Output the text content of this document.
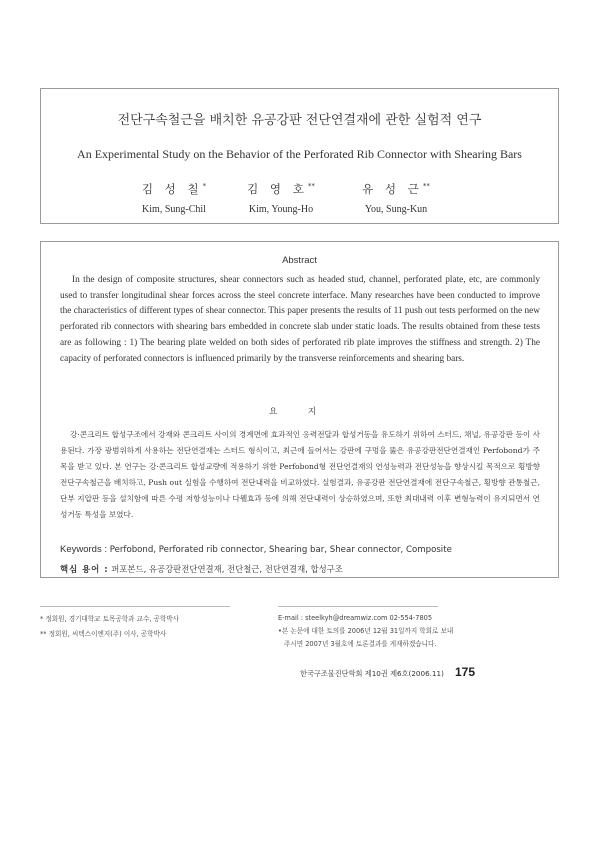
전단구속철근을 배치한 유공강판 전단연결재에 관한 실험적 연구
An Experimental Study on the Behavior of the Perforated Rib Connector with Shearing Bars
김 성 칠*
Kim, Sung-Chil
김 영 호**
Kim, Young-Ho
유 성 근**
You, Sung-Kun
Abstract
In the design of composite structures, shear connectors such as headed stud, channel, perforated plate, etc, are commonly used to transfer longitudinal shear forces across the steel concrete interface. Many researches have been conducted to improve the characteristics of different types of shear connector. This paper presents the results of 11 push out tests performed on the new perforated rib connectors with shearing bars embedded in concrete slab under static loads. The results obtained from these tests are as following : 1) The bearing plate welded on both sides of perforated rib plate improves the stiffness and strength. 2) The capacity of perforated connectors is influenced primarily by the transverse reinforcements and shearing bars.
요 지
강·콘크리트 합성구조에서 강재와 콘크리트 사이의 경계면에 효과적인 응력전달과 합성거동을 유도하기 위하여 스터드, 채널, 유공강판 등이 사용된다. 가장 광범위하게 사용하는 전단연결재는 스터드 형식이고, 최근에 들어서는 강판에 구멍을 뚫은 유공강판전단연결재인 Perfobond가 주목을 받고 있다. 본 연구는 강·콘크리트 합성교량에 적용하기 위한 Perfobond형 전단연결재의 연성능력과 전단성능을 향상시킬 목적으로 횡방향 전단구속철근을 배치하고, Push out 실험을 수행하여 전단내력을 비교하였다. 실험결과, 유공강판 전단연결재에 전단구속철근, 횡방향 관통철근, 단부 지압판 등을 설치함에 따른 수평 저항성능이나 다웰효과 등에 의해 전단내력이 상승하였으며, 또한 최대내력 이후 변형능력이 유지되면서 연성거동 특성을 보였다.
Keywords : Perfobond, Perforated rib connector, Shearing bar, Shear connector, Composite
핵심 용어 : 퍼포본드, 유공강판전단연결재, 전단철근, 전단연결재, 합성구조
* 정회원, 경기대학교 토목공학과 교수, 공학박사
** 정회원, 씨텍스이엔지(주) 이사, 공학박사
E-mail : steelkyh@dreamwiz.com 02-554-7805
•본 논문에 대한 토의를 2006년 12월 31일까지 학회로 보내
주시면 2007년 3월호에 토론결과를 게재하겠습니다.
한국구조물진단학회 제10권 제6호(2006.11) 175
